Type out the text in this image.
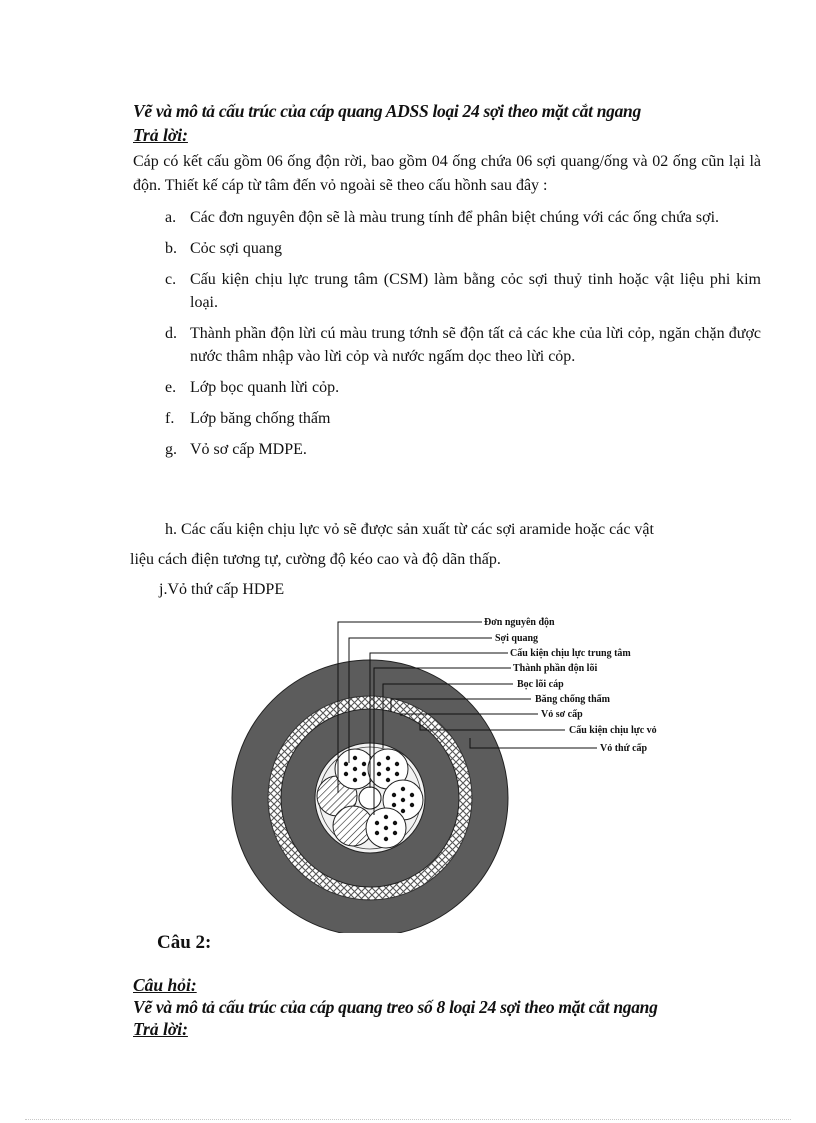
Vẽ và mô tả cấu trúc của cáp quang ADSS loại 24 sợi theo mặt cắt ngang
Trả lời:
Cáp có kết cấu gồm 06 ống độn rời, bao gồm 04 ống chứa 06 sợi quang/ống và 02 ống cũn lại là độn. Thiết kế cáp từ tâm đến vỏ ngoài sẽ theo cấu hồnh sau đây :
a. Các đơn nguyên độn sẽ là màu trung tính để phân biệt chúng với các ống chứa sợi.
b. Cỏc sợi quang
c. Cấu kiện chịu lực trung tâm (CSM) làm bằng cỏc sợi thuỷ tinh hoặc vật liệu phi kim loại.
d. Thành phần độn lừi cú màu trung tớnh sẽ độn tất cả các khe của lừi cỏp, ngăn chặn được nước thâm nhập vào lừi cỏp và nước ngấm dọc theo lừi cỏp.
e. Lớp bọc quanh lừi cỏp.
f. Lớp băng chống thấm
g. Vỏ sơ cấp MDPE.
h. Các cấu kiện chịu lực vỏ sẽ được sản xuất từ các sợi aramide hoặc các vật
liệu cách điện tương tự, cường độ kéo cao và độ dãn thấp.
j.Vỏ thứ cấp HDPE
Đơn nguyên độn
Sợi quang
Cấu kiện chịu lực trung tâm
Thành phần độn lõi
Bọc lõi cáp
Băng chống thấm
Vỏ sơ cấp
Cấu kiện chịu lực vỏ
Vỏ thứ cấp
Câu 2:
Câu hỏi:
Vẽ và mô tả cấu trúc của cáp quang treo số 8 loại 24 sợi theo mặt cắt ngang
Trả lời:
